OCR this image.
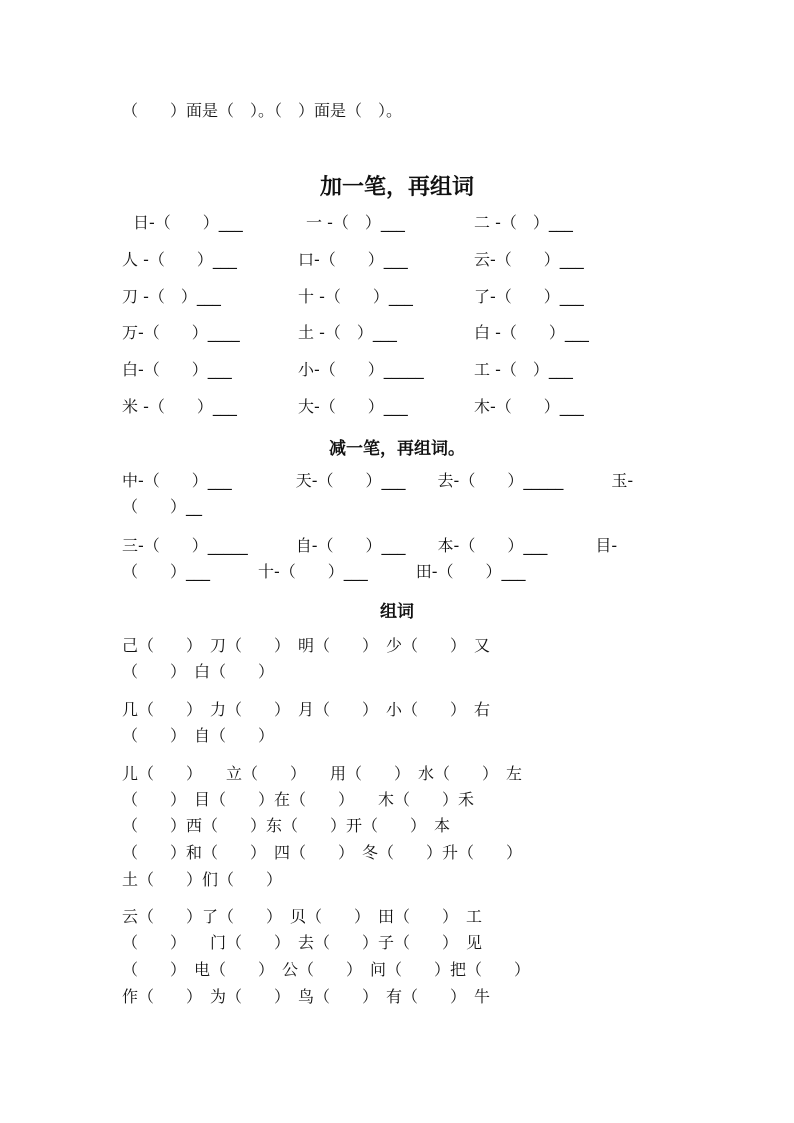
（　　）面是（　）。（　）面是（　）。
加一笔，再组词
日-（　　）___	一 -（　）___	二 -（　）___
人 -（　　）___	口-（　　）___	云-（　　）___
刀 -（　）___	十 -（　　）___	了-（　　）___
万-（　　）____	土 -（　）___	白 -（　　）___
白-（　　）___	小-（　　）_____	工 -（　）___
米 -（　　）___	大-（　　）___	木-（　　）___
减一笔，再组词。
中-（　　）___　　　　天-（　　）___　　去-（　　）_____　　　玉-
（　　）__
三-（　　）_____　　　自-（　　）___　　本-（　　）___　　　目-
（　　）___　　　十-（　　）___　　　田-（　　）___
组词
己（　　）　刀（　　）　明（　　）　少（　　）　又
（　　）　白（　　）
几（　　）　力（　　）　月（　　）　小（　　）　右
（　　）　自（　　）
儿（　　）　　立（　　）　　用（　　）　水（　　）　左
（　　）　目（　　）在（　　）　　木（　　）禾
（　　）西（　　）东（　　）开（　　）　本
（　　）和（　　）　四（　　）　冬（　　）升（　　）
土（　　）们（　　）
云（　　）了（　　）　贝（　　）　田（　　）　工
（　　）　　门（　　）　去（　　）子（　　）　见
（　　）　电（　　）　公（　　）　问（　　）把（　　）
作（　　）　为（　　）　鸟（　　）　有（　　）　牛
